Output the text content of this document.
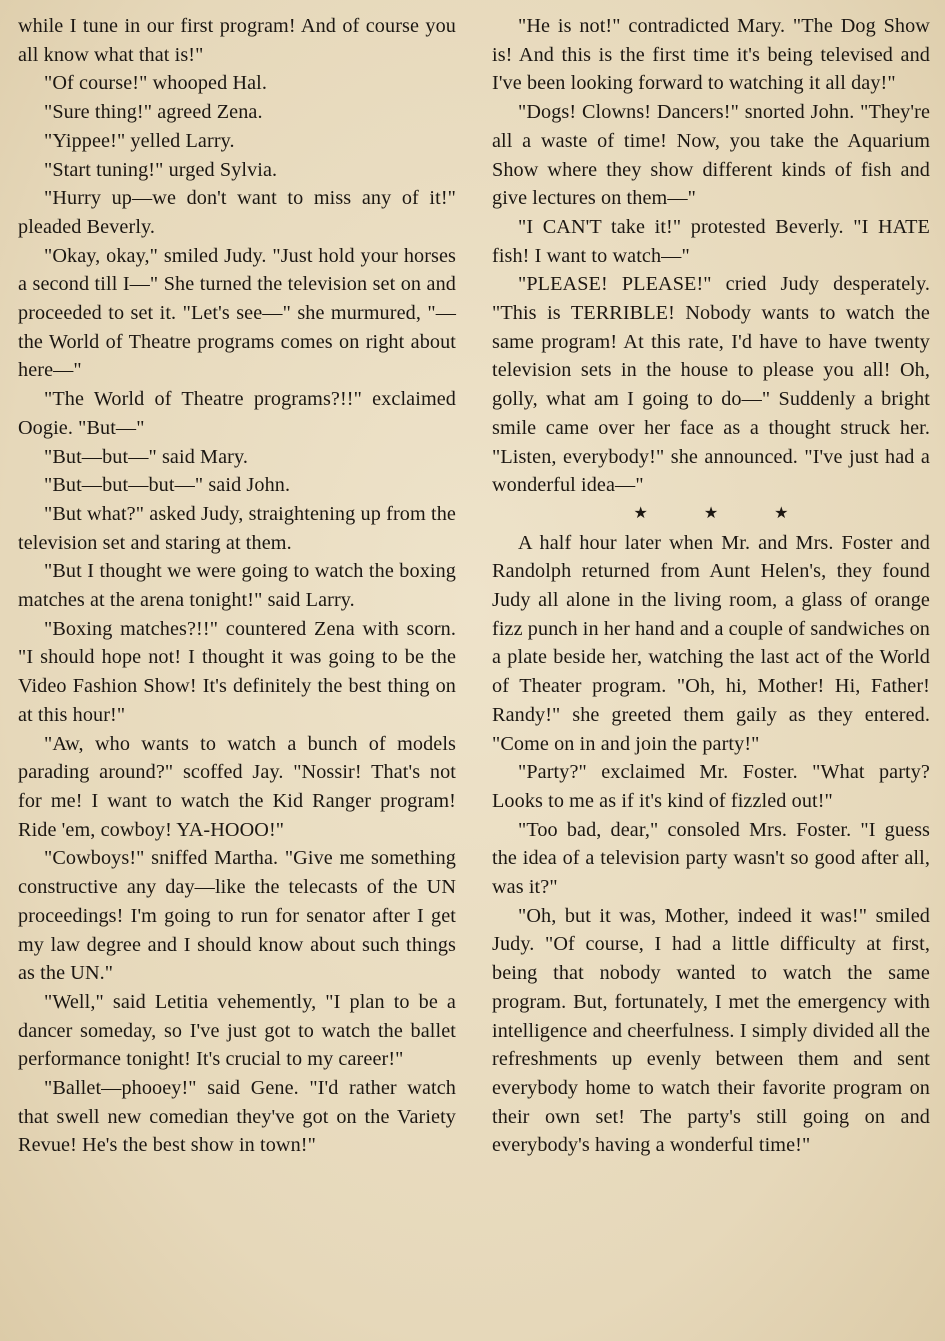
while I tune in our first program! And of course you all know what that is!"

"Of course!" whooped Hal.

"Sure thing!" agreed Zena.

"Yippee!" yelled Larry.

"Start tuning!" urged Sylvia.

"Hurry up—we don't want to miss any of it!" pleaded Beverly.

"Okay, okay," smiled Judy. "Just hold your horses a second till I—" She turned the television set on and proceeded to set it. "Let's see—" she murmured, "—the World of Theatre programs comes on right about here—"

"The World of Theatre programs?!!" exclaimed Oogie. "But—"

"But—but—" said Mary.

"But—but—but—" said John.

"But what?" asked Judy, straightening up from the television set and staring at them.

"But I thought we were going to watch the boxing matches at the arena tonight!" said Larry.

"Boxing matches?!!" countered Zena with scorn. "I should hope not! I thought it was going to be the Video Fashion Show! It's definitely the best thing on at this hour!"

"Aw, who wants to watch a bunch of models parading around?" scoffed Jay. "Nossir! That's not for me! I want to watch the Kid Ranger program! Ride 'em, cowboy! YA-HOOO!"

"Cowboys!" sniffed Martha. "Give me something constructive any day—like the telecasts of the UN proceedings! I'm going to run for senator after I get my law degree and I should know about such things as the UN."

"Well," said Letitia vehemently, "I plan to be a dancer someday, so I've just got to watch the ballet performance tonight! It's crucial to my career!"

"Ballet—phooey!" said Gene. "I'd rather watch that swell new comedian they've got on the Variety Revue! He's the best show in town!"

"He is not!" contradicted Mary. "The Dog Show is! And this is the first time it's being televised and I've been looking forward to watching it all day!"

"Dogs! Clowns! Dancers!" snorted John. "They're all a waste of time! Now, you take the Aquarium Show where they show different kinds of fish and give lectures on them—"

"I CAN'T take it!" protested Beverly. "I HATE fish! I want to watch—"

"PLEASE! PLEASE!" cried Judy desperately. "This is TERRIBLE! Nobody wants to watch the same program! At this rate, I'd have to have twenty television sets in the house to please you all! Oh, golly, what am I going to do—" Suddenly a bright smile came over her face as a thought struck her. "Listen, everybody!" she announced. "I've just had a wonderful idea—"

★	★	★

A half hour later when Mr. and Mrs. Foster and Randolph returned from Aunt Helen's, they found Judy all alone in the living room, a glass of orange fizz punch in her hand and a couple of sandwiches on a plate beside her, watching the last act of the World of Theater program. "Oh, hi, Mother! Hi, Father! Randy!" she greeted them gaily as they entered. "Come on in and join the party!"

"Party?" exclaimed Mr. Foster. "What party? Looks to me as if it's kind of fizzled out!"

"Too bad, dear," consoled Mrs. Foster. "I guess the idea of a television party wasn't so good after all, was it?"

"Oh, but it was, Mother, indeed it was!" smiled Judy. "Of course, I had a little difficulty at first, being that nobody wanted to watch the same program. But, fortunately, I met the emergency with intelligence and cheerfulness. I simply divided all the refreshments up evenly between them and sent everybody home to watch their favorite program on their own set! The party's still going on and everybody's having a wonderful time!"
